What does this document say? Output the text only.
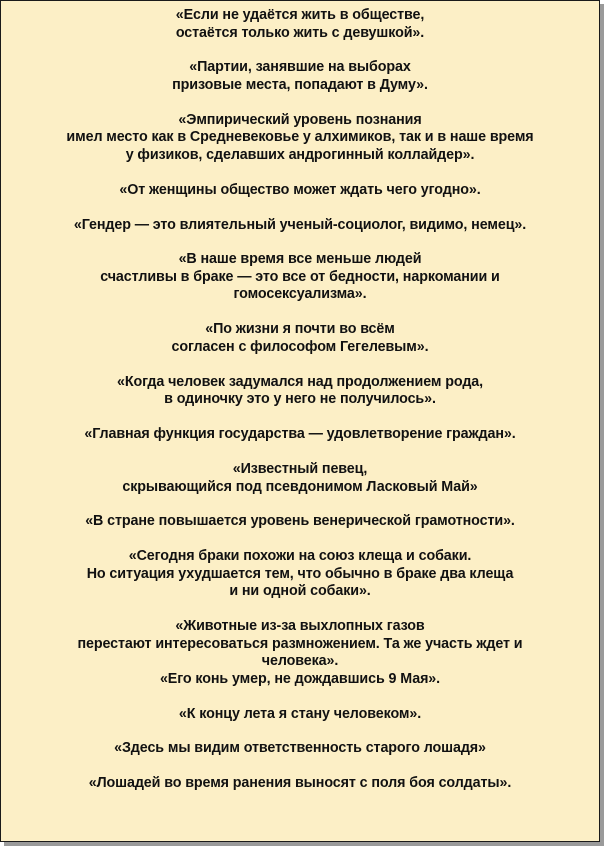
«Если не удаётся жить в обществе,
остаётся только жить с девушкой».
«Партии, занявшие на выборах
призовые места, попадают в Думу».
«Эмпирический уровень познания
имел место как в Средневековье у алхимиков, так и в наше время
у физиков, сделавших андрогинный коллайдер».
«От женщины общество может ждать чего угодно».
«Гендер — это влиятельный ученый-социолог, видимо, немец».
«В наше время все меньше людей
счастливы в браке — это все от бедности, наркомании и
гомосексуализма».
«По жизни я почти во всём
согласен с философом Гегелевым».
«Когда человек задумался над продолжением рода,
в одиночку это у него не получилось».
«Главная функция государства — удовлетворение граждан».
«Известный певец,
скрывающийся под псевдонимом Ласковый Май»
«В стране повышается уровень венерической грамотности».
«Сегодня браки похожи на союз клеща и собаки.
Но ситуация ухудшается тем, что обычно в браке два клеща
и ни одной собаки».
«Животные из-за выхлопных газов
перестают интересоваться размножением. Та же участь ждет и
человека».
«Его конь умер, не дождавшись 9 Мая».
«К концу лета я стану человеком».
«Здесь мы видим ответственность старого лошадя»
«Лошадей во время ранения выносят с поля боя солдаты».
